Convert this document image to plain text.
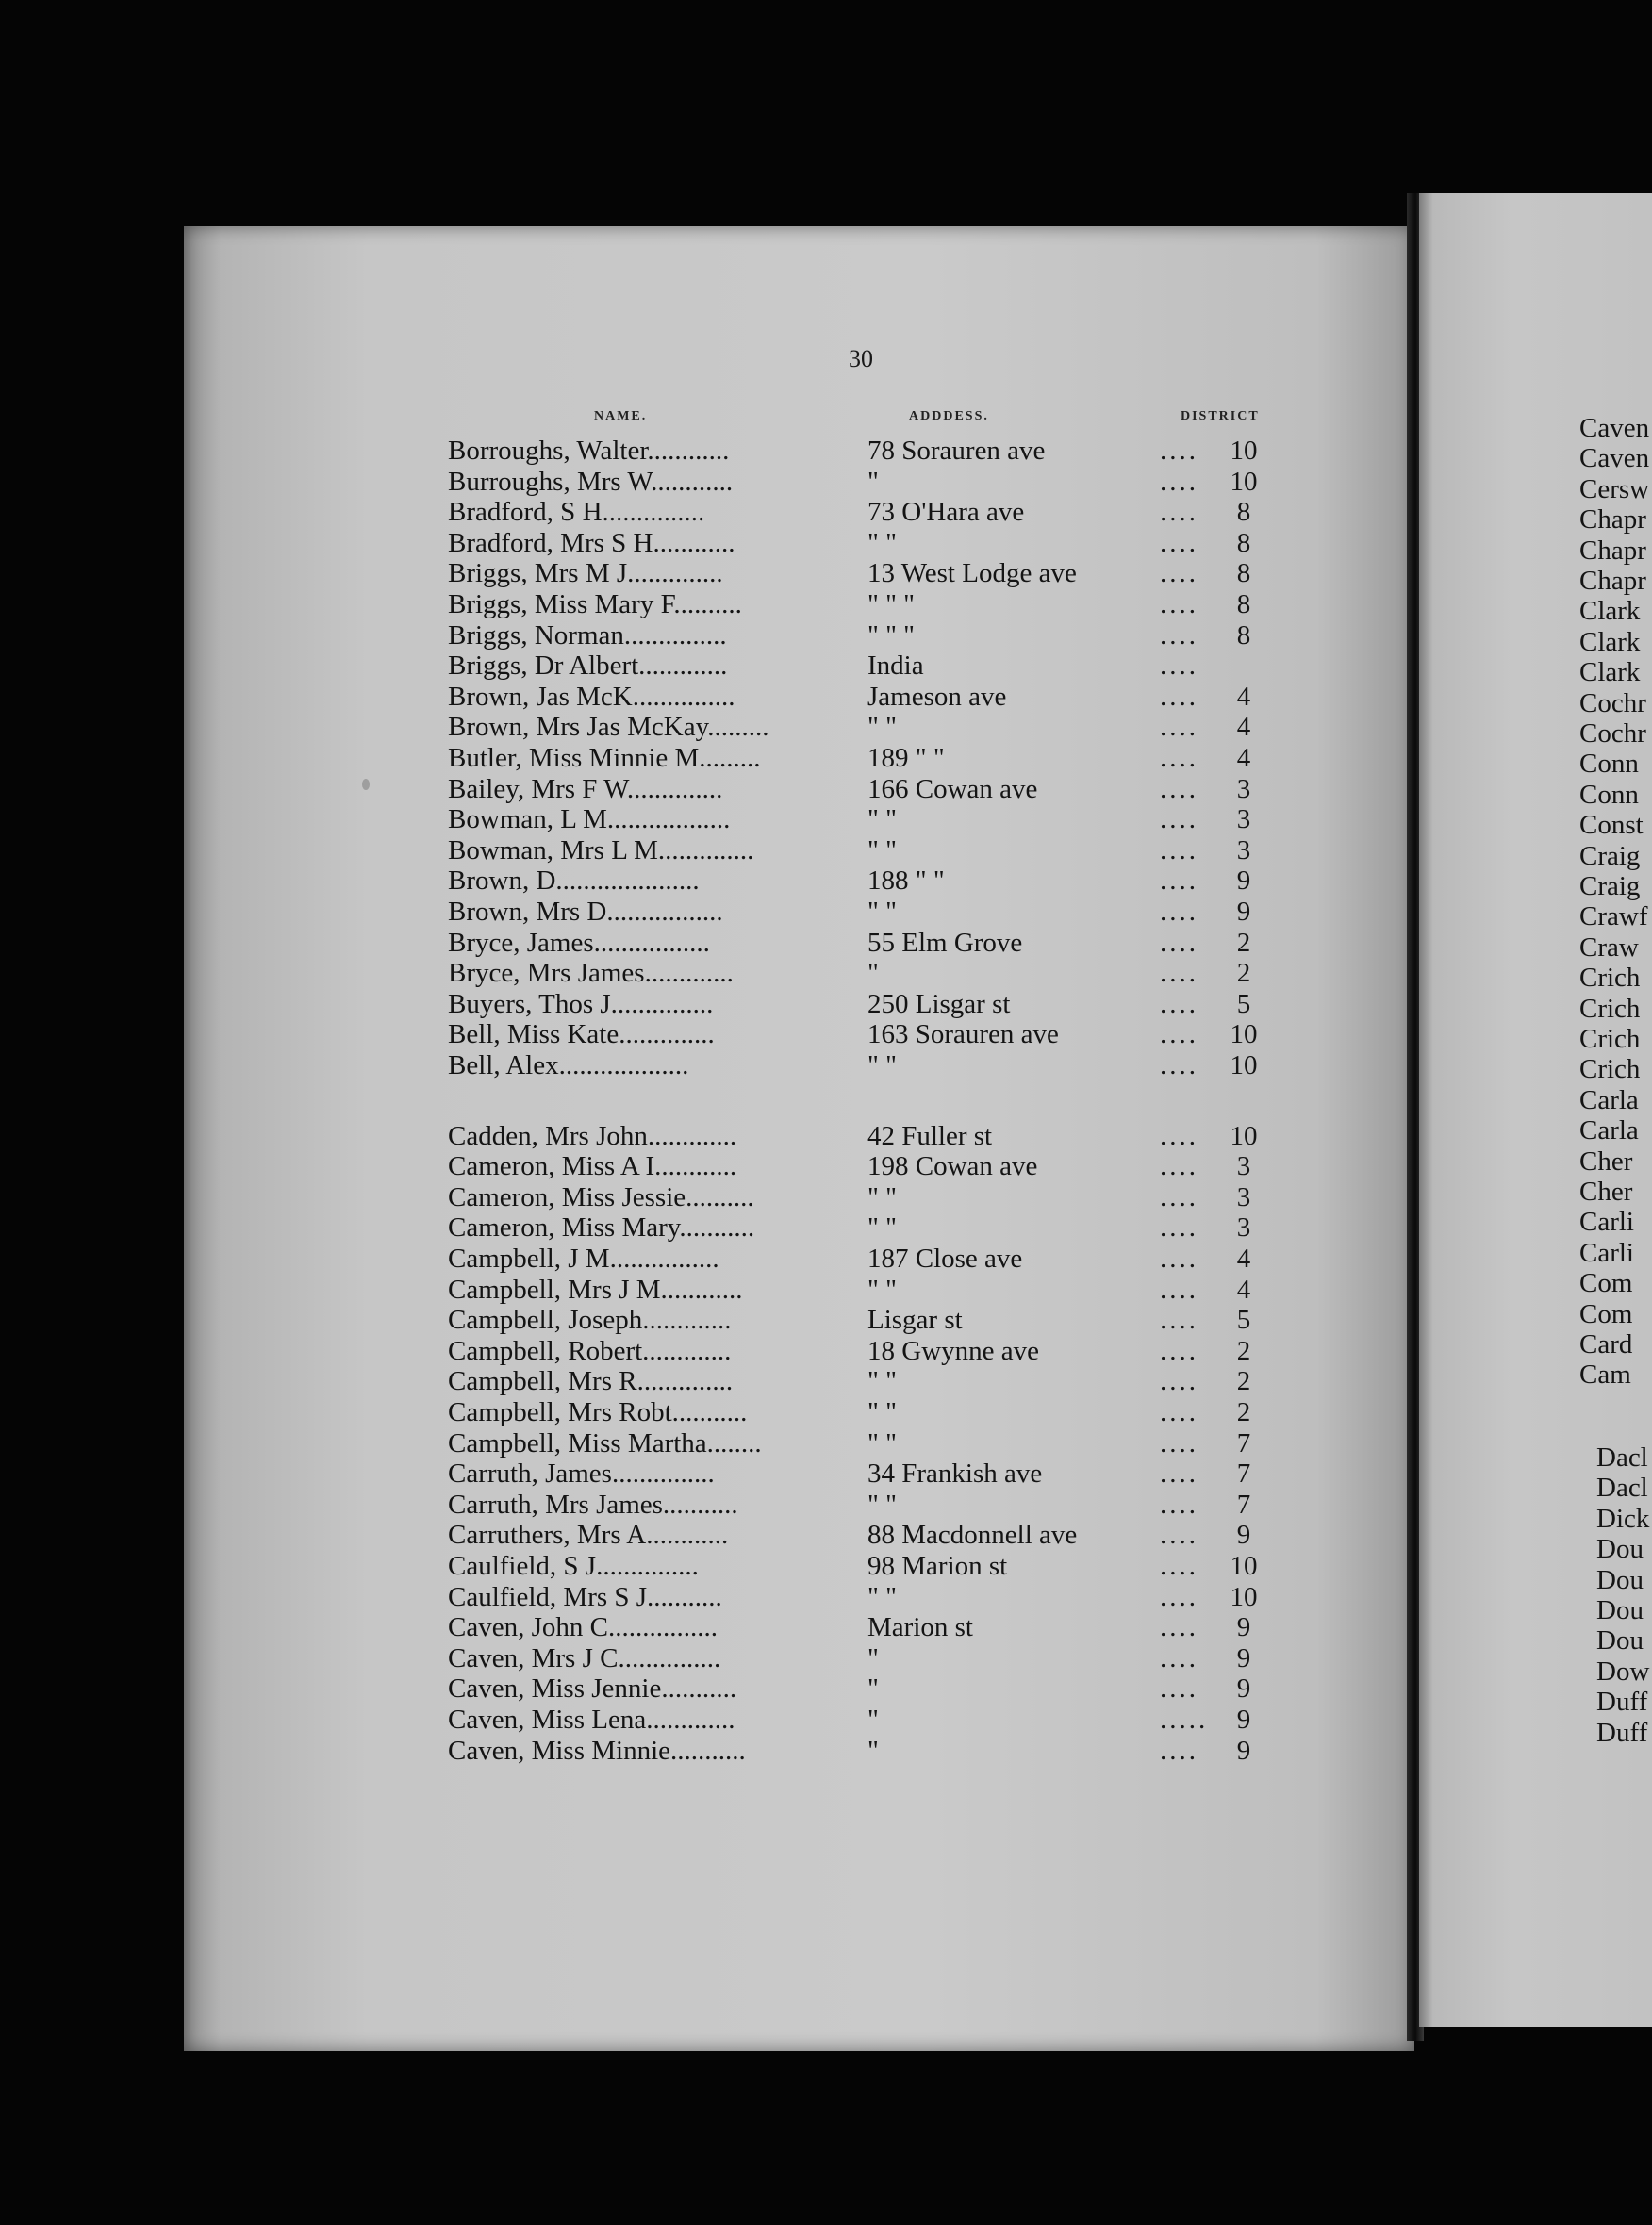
30
NAME.	ADDDESS.	DISTRICT
Borroughs, Walter............	78 Sorauren ave	....	10
Burroughs, Mrs W............	"	....	10
Bradford, S H...............	73 O'Hara ave	....	8
Bradford, Mrs S H............	" "	....	8
Briggs, Mrs M J..............	13 West Lodge ave	....	8
Briggs, Miss Mary F..........	" " "	....	8
Briggs, Norman...............	" " "	....	8
Briggs, Dr Albert.............	India	....
Brown, Jas McK...............	Jameson ave	....	4
Brown, Mrs Jas McKay.........	" "	....	4
Butler, Miss Minnie M.........	189 " "	....	4
Bailey, Mrs F W..............	166 Cowan ave	....	3
Bowman, L M..................	" "	....	3
Bowman, Mrs L M..............	" "	....	3
Brown, D.....................	188 " "	....	9
Brown, Mrs D.................	" "	....	9
Bryce, James.................	55 Elm Grove	....	2
Bryce, Mrs James.............	"	....	2
Buyers, Thos J...............	250 Lisgar st	....	5
Bell, Miss Kate..............	163 Sorauren ave	....	10
Bell, Alex...................	" "	....	10
Cadden, Mrs John.............	42 Fuller st	....	10
Cameron, Miss A I............	198 Cowan ave	....	3
Cameron, Miss Jessie..........	" "	....	3
Cameron, Miss Mary...........	" "	....	3
Campbell, J M................	187 Close ave	....	4
Campbell, Mrs J M............	" "	....	4
Campbell, Joseph.............	Lisgar st	....	5
Campbell, Robert.............	18 Gwynne ave	....	2
Campbell, Mrs R..............	" "	....	2
Campbell, Mrs Robt...........	" "	....	2
Campbell, Miss Martha........	" "	....	7
Carruth, James...............	34 Frankish ave	....	7
Carruth, Mrs James...........	" "	....	7
Carruthers, Mrs A............	88 Macdonnell ave	....	9
Caulfield, S J...............	98 Marion st	....	10
Caulfield, Mrs S J...........	" "	....	10
Caven, John C................	Marion st	....	9
Caven, Mrs J C...............	"	....	9
Caven, Miss Jennie...........	"	....	9
Caven, Miss Lena.............	"	.....	9
Caven, Miss Minnie...........	"	....	9
Caven
Caven
Cersw
Chapr
Chapr
Chapr
Clark
Clark
Clark
Cochr
Cochr
Conn
Conn
Const
Craig
Craig
Crawf
Craw
Crich
Crich
Crich
Crich
Carla
Carla
Cher
Cher
Carli
Carli
Com
Com
Card
Cam
Dacl
Dacl
Dick
Dou
Dou
Dou
Dou
Dow
Duff
Duff
